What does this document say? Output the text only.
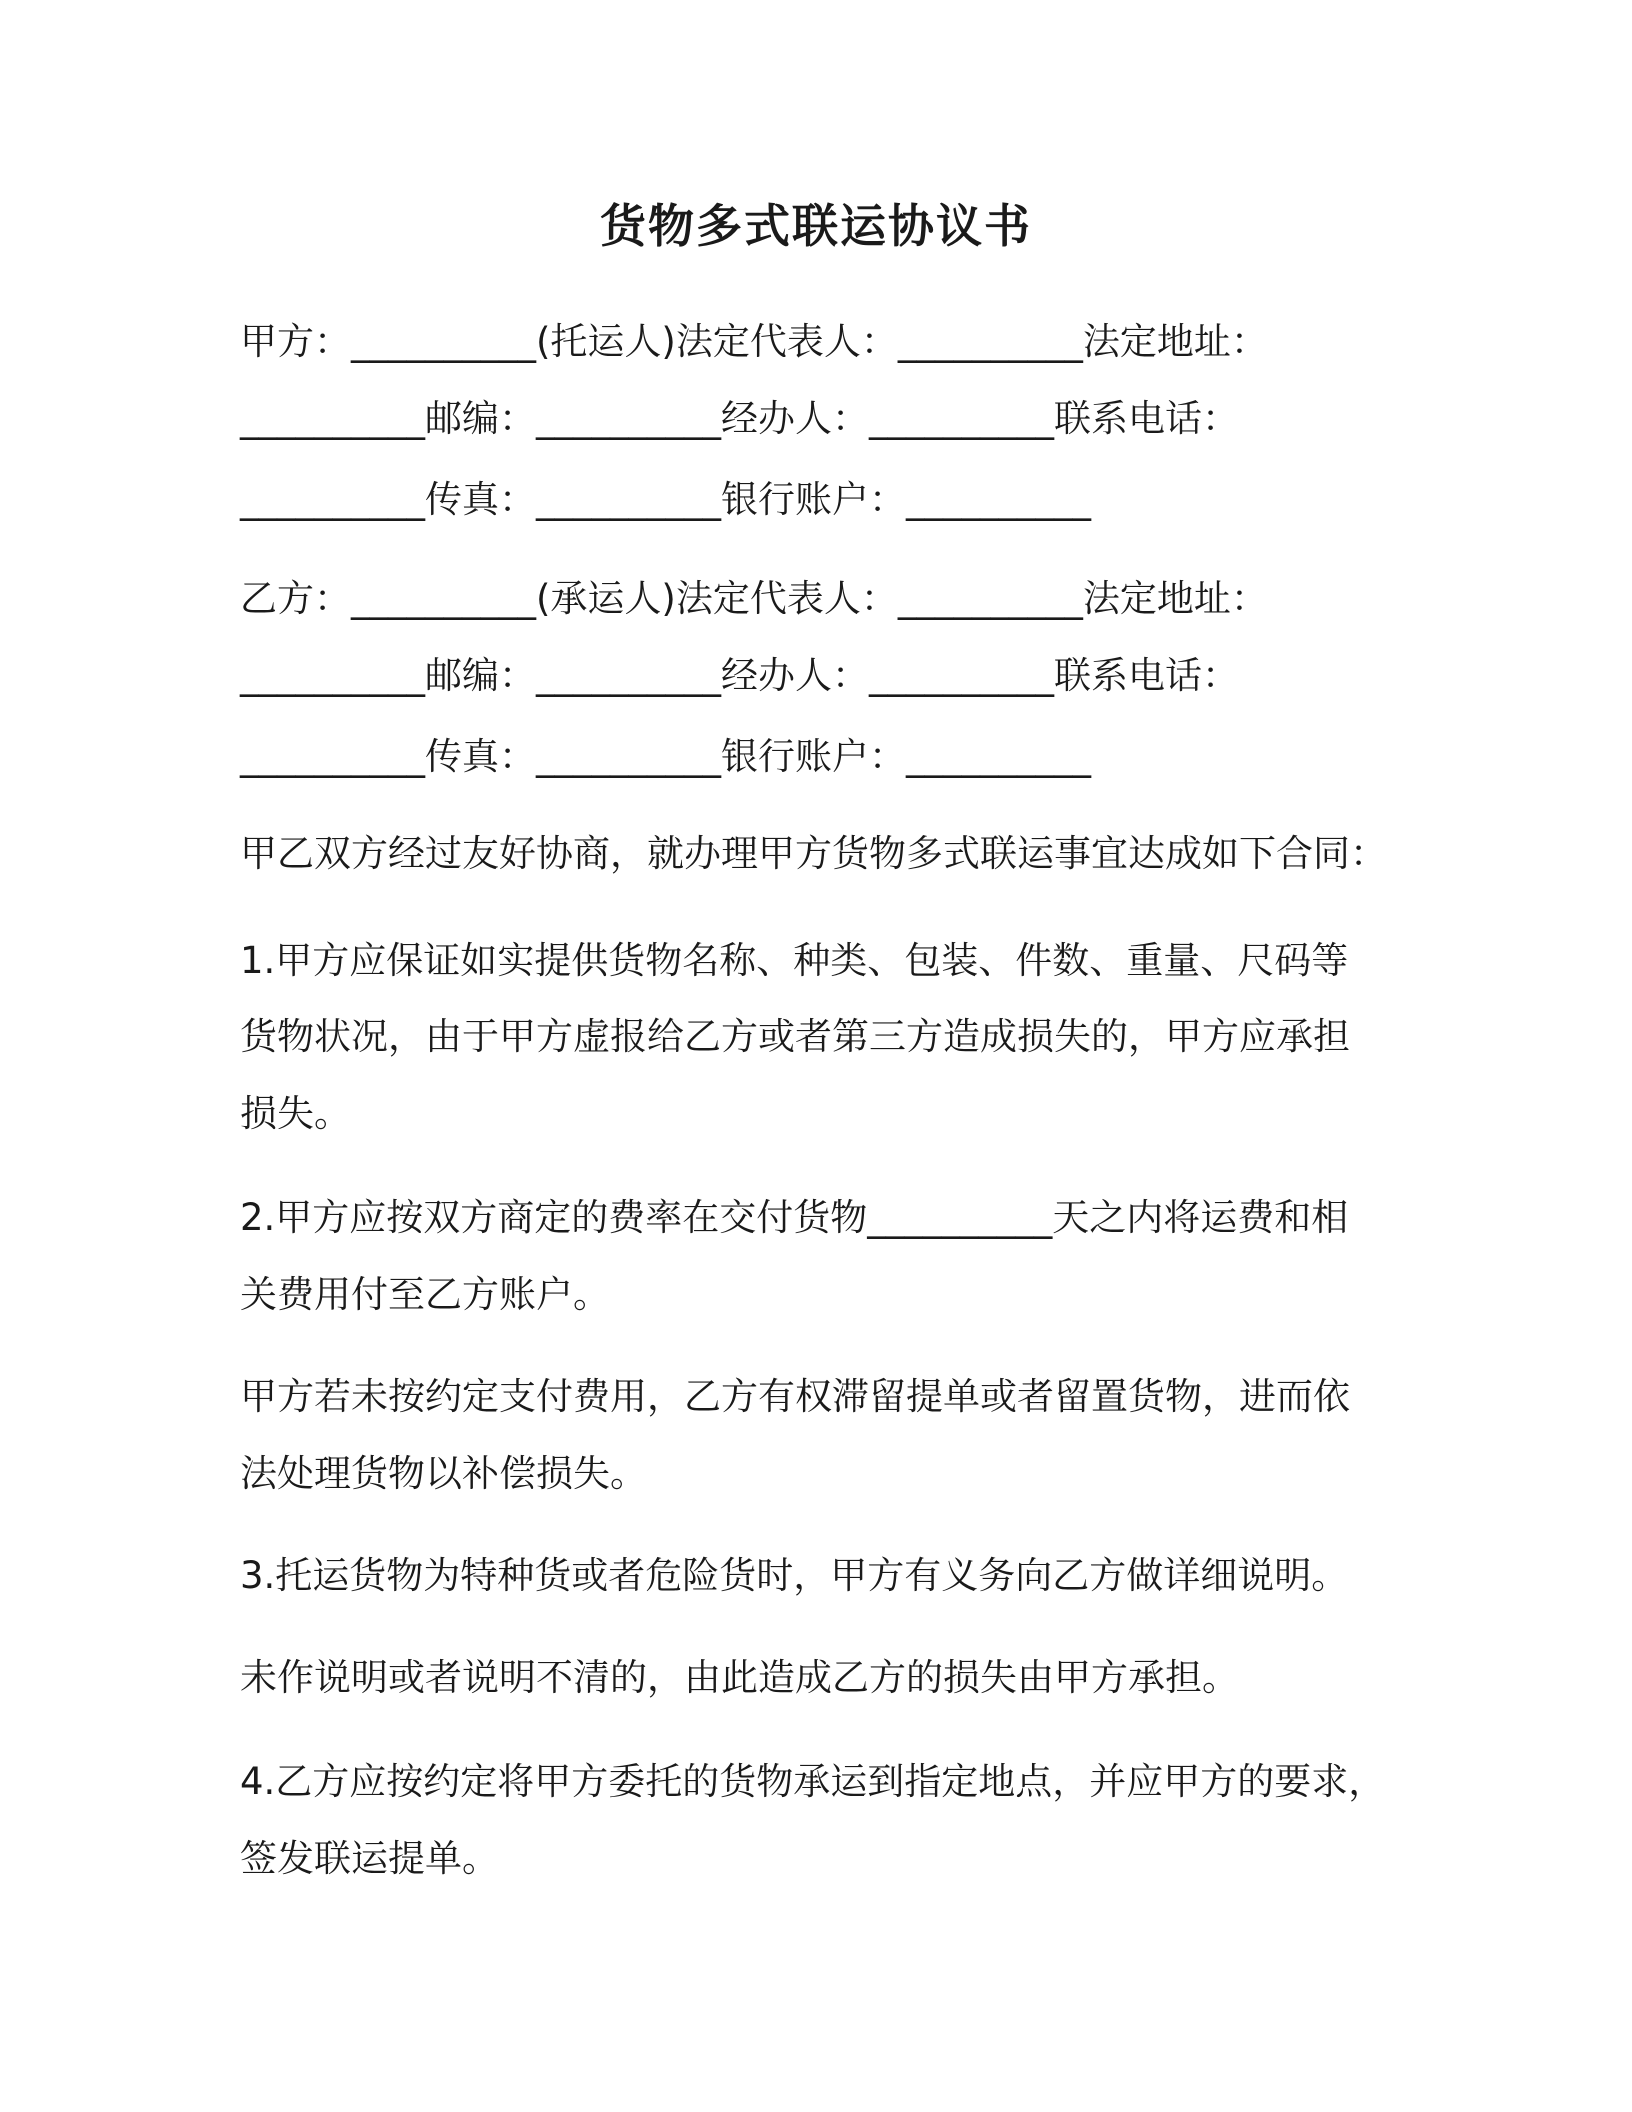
货物多式联运协议书

甲方：__________(托运人)法定代表人：__________法定地址：

__________邮编：__________经办人：__________联系电话：

__________传真：__________银行账户：__________

乙方：__________(承运人)法定代表人：__________法定地址：

__________邮编：__________经办人：__________联系电话：

__________传真：__________银行账户：__________

甲乙双方经过友好协商，就办理甲方货物多式联运事宜达成如下合同：

1.甲方应保证如实提供货物名称、种类、包装、件数、重量、尺码等

货物状况，由于甲方虚报给乙方或者第三方造成损失的，甲方应承担

损失。

2.甲方应按双方商定的费率在交付货物__________天之内将运费和相

关费用付至乙方账户。

甲方若未按约定支付费用，乙方有权滞留提单或者留置货物，进而依

法处理货物以补偿损失。

3.托运货物为特种货或者危险货时，甲方有义务向乙方做详细说明。

未作说明或者说明不清的，由此造成乙方的损失由甲方承担。

4.乙方应按约定将甲方委托的货物承运到指定地点，并应甲方的要求，

签发联运提单。
